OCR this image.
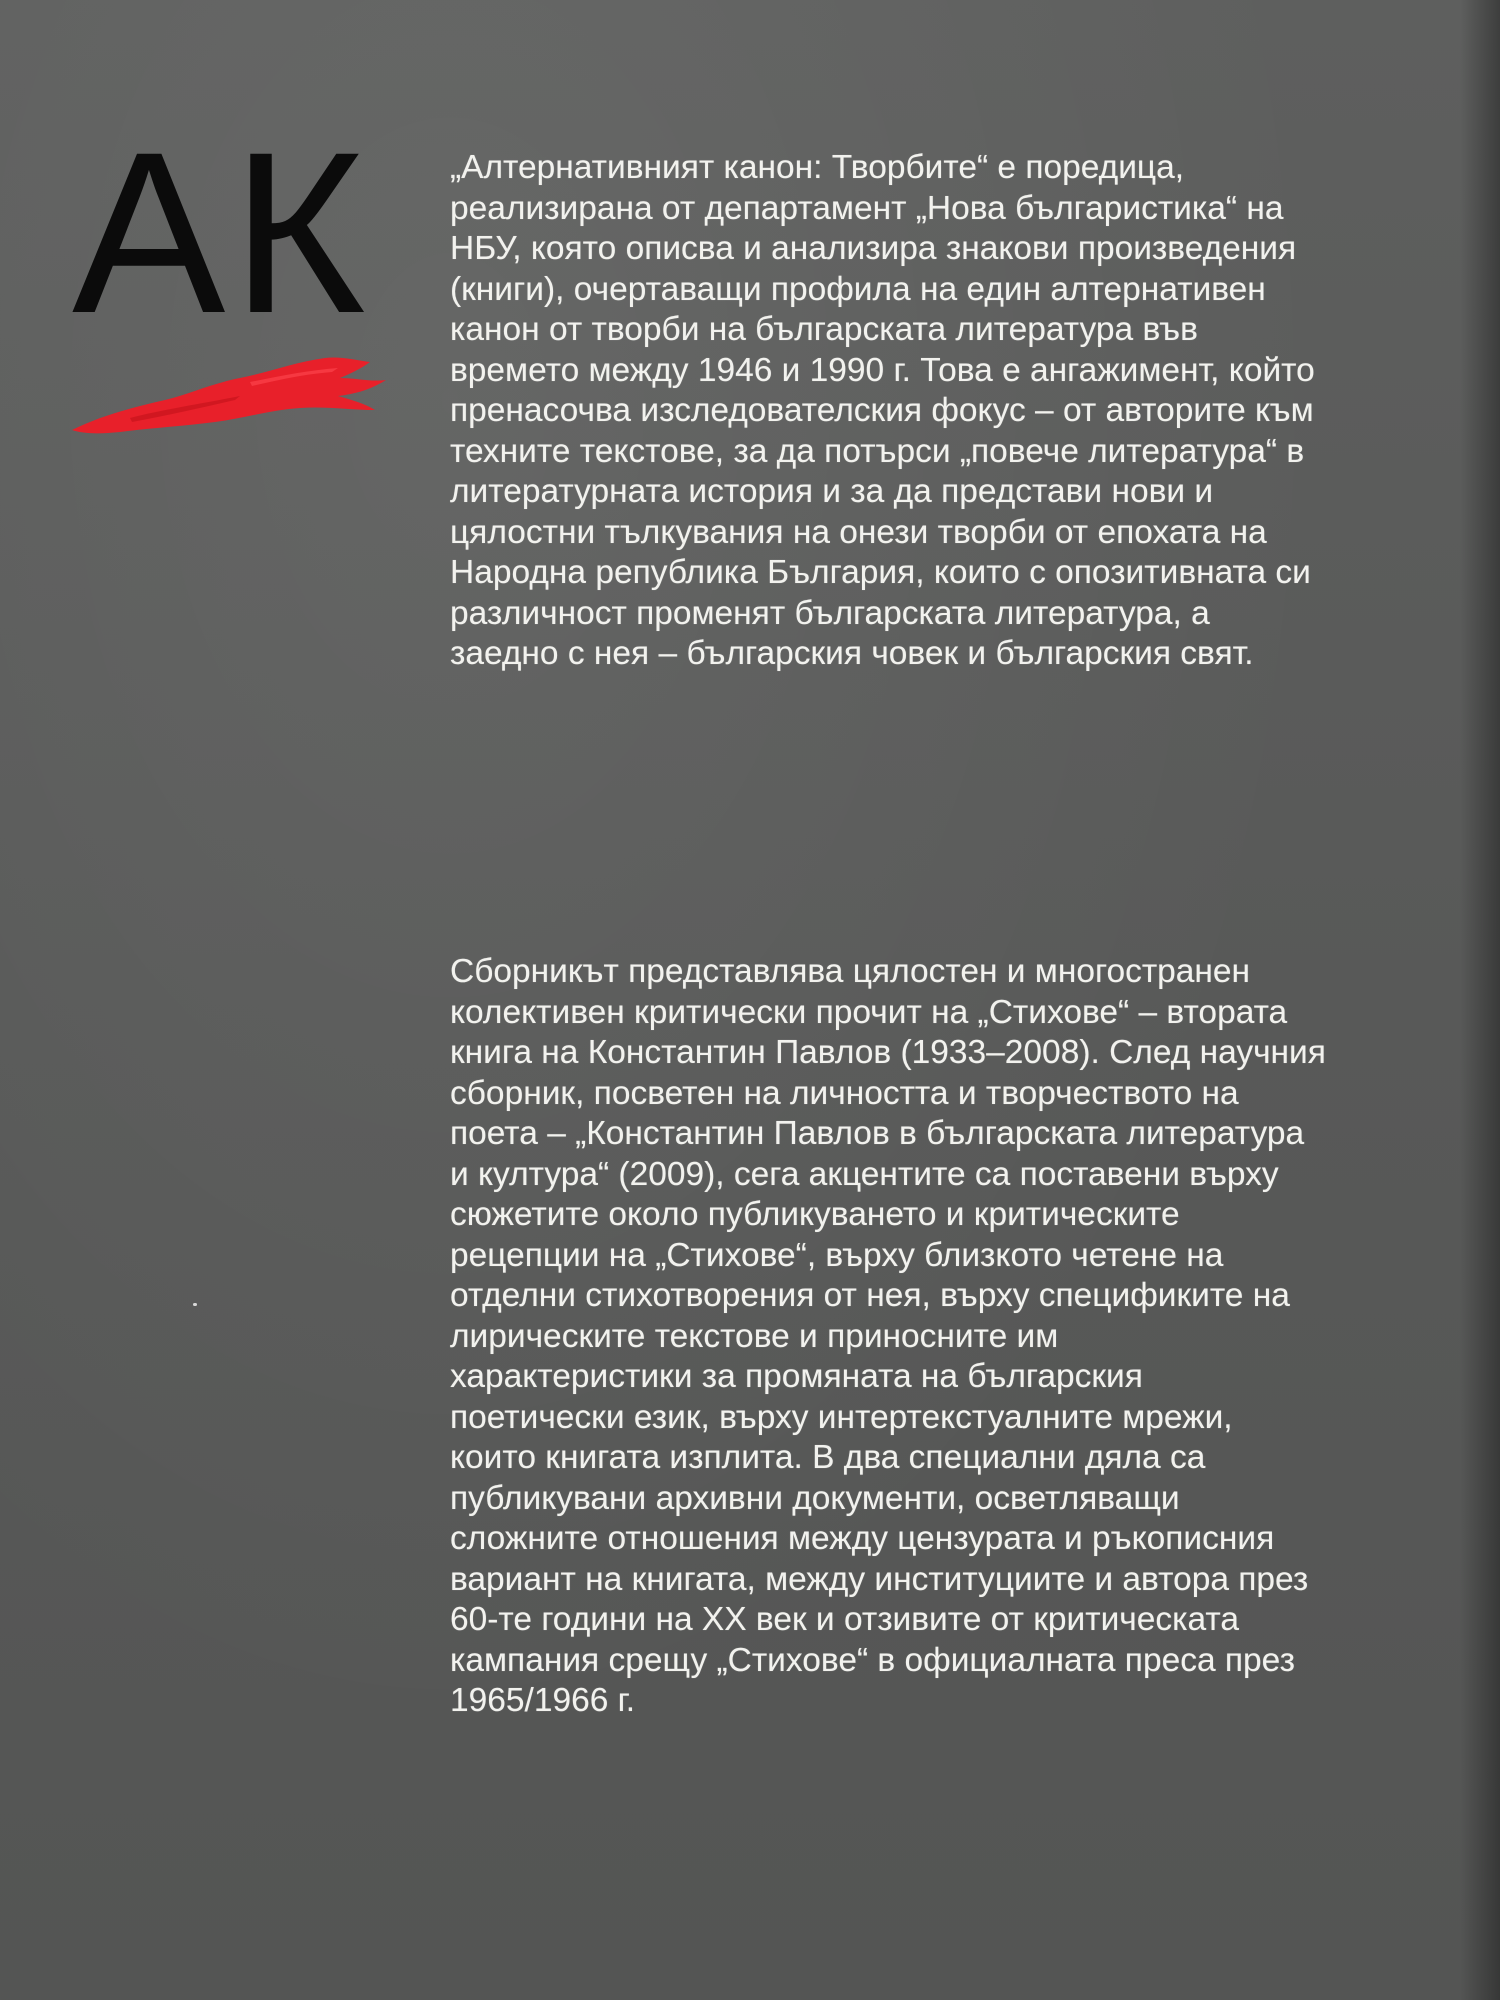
АК „Алтернативният канон: Творбите“ е поредица,
реализирана от департамент „Нова българистика“ на
НБУ, която описва и анализира знакови произведения
(книги), очертаващи профила на един алтернативен
канон от творби на българската литература във
времето между 1946 и 1990 г. Това е ангажимент, който
пренасочва изследователския фокус – от авторите към
техните текстове, за да потърси „повече литература“ в
литературната история и за да представи нови и
цялостни тълкувания на онези творби от епохата на
Народна република България, които с опозитивната си
различност променят българската литература, а
заедно с нея – българския човек и българския свят.
Сборникът представлява цялостен и многостранен
колективен критически прочит на „Стихове“ – втората
книга на Константин Павлов (1933–2008). След научния
сборник, посветен на личността и творчеството на
поета – „Константин Павлов в българската литература
и култура“ (2009), сега акцентите са поставени върху
сюжетите около публикуването и критическите
рецепции на „Стихове“, върху близкото четене на
отделни стихотворения от нея, върху спецификите на
лирическите текстове и приносните им
характеристики за промяната на българския
поетически език, върху интертекстуалните мрежи,
които книгата изплита. В два специални дяла са
публикувани архивни документи, осветляващи
сложните отношения между цензурата и ръкописния
вариант на книгата, между институциите и автора през
60-те години на ХХ век и отзивите от критическата
кампания срещу „Стихове“ в официалната преса през
1965/1966 г.
